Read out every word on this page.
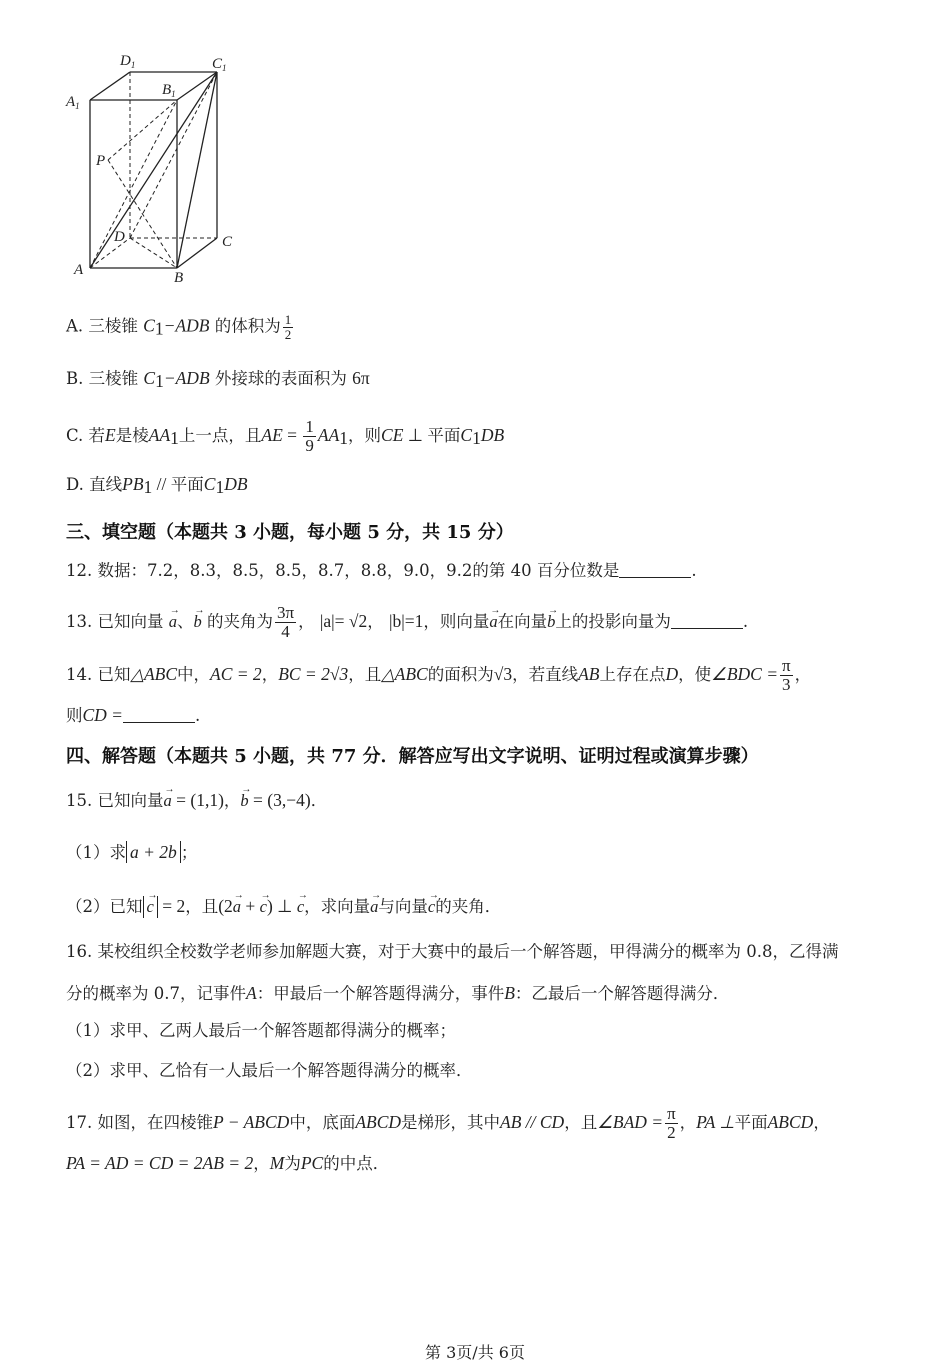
$D_1$	$C_1$
$A_1$
$B_1$
P
D	C
A	B
A. 三棱锥 $C_1-ADB$ 的体积为 $\frac{1}{2}$
B. 三棱锥 $C_1-ADB$ 外接球的表面积为 6π
C. 若E是棱$AA_1$上一点，且AE = $\frac{1}{9} AA_1$，则CE ⊥ 平面$C_1DB$
D. 直线$PB_1$ // 平面$C_1DB$
三、填空题（本题共 3 小题，每小题 5 分，共 15 分）
12. 数据：7.2，8.3，8.5，8.5，8.7，8.8，9.0，9.2的第 40 百分位数是	.
13. 已知向量 → a、→ b 的夹角为 $\frac{3\pi}{4}$ ， |a|= √2， |b|=1，则向量→ a在向量→ b上的投影向量为	.
14. 已知△ABC中，AC = 2，BC = 2√3，且△ABC的面积为√3，若直线AB上存在点D，使∠BDC = $\frac{\pi}{3}$ ，
则CD =	.
四、解答题（本题共 5 小题，共 77 分．解答应写出文字说明、证明过程或演算步骤）
15. 已知向量→ a = (1,1)，→ b = (3,−4)．
（1）求 a + 2b ；
（2）已知 → c = 2，且(2→ a + → c) ⊥ → c，求向量→ a与向量→ c的夹角．
16. 某校组织全校数学老师参加解题大赛，对于大赛中的最后一个解答题，甲得满分的概率为 0.8，乙得满
分的概率为 0.7，记事件A：甲最后一个解答题得满分，事件B：乙最后一个解答题得满分．
（1）求甲、乙两人最后一个解答题都得满分的概率；
（2）求甲、乙恰有一人最后一个解答题得满分的概率．
17. 如图，在四棱锥P − ABCD中，底面ABCD是梯形，其中AB // CD，且∠BAD = $\frac{\pi}{2}$ ，PA ⊥平面ABCD，
PA = AD = CD = 2AB = 2，M为PC的中点．
第 3页/共 6页
